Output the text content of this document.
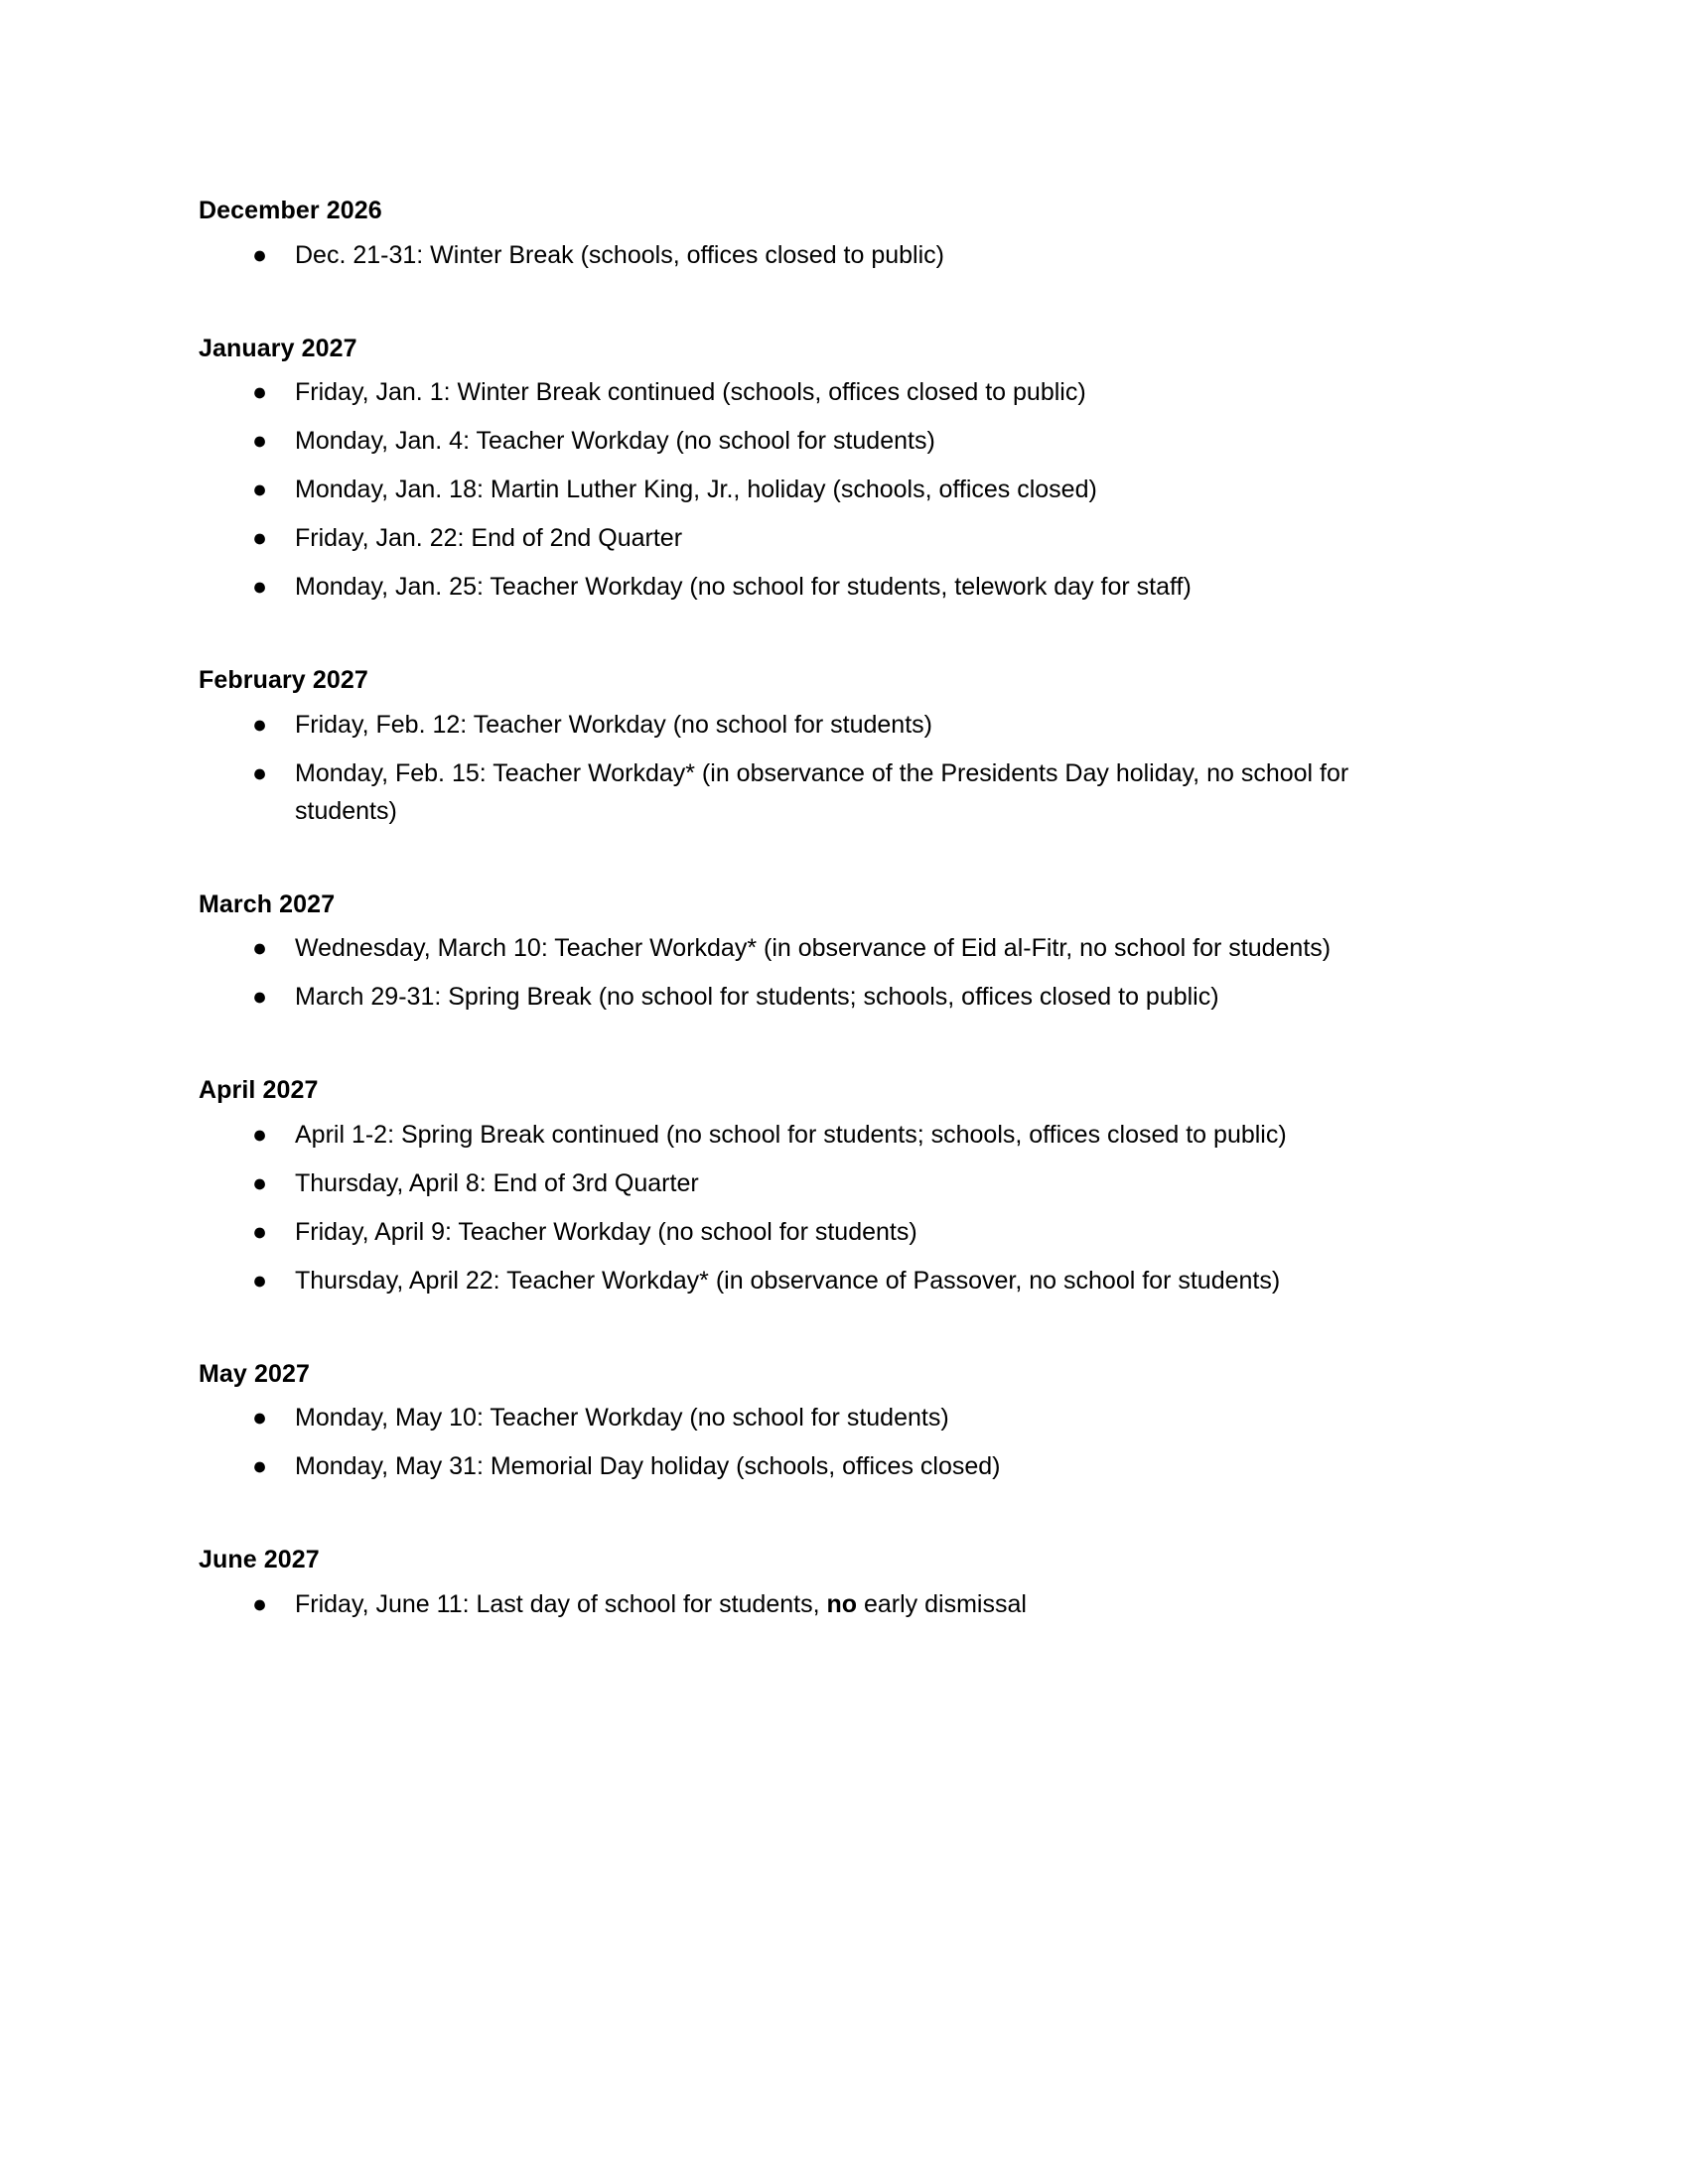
December 2026
● Dec. 21-31: Winter Break (schools, offices closed to public)
January 2027
● Friday, Jan. 1: Winter Break continued (schools, offices closed to public)
● Monday, Jan. 4: Teacher Workday (no school for students)
● Monday, Jan. 18: Martin Luther King, Jr., holiday (schools, offices closed)
● Friday, Jan. 22: End of 2nd Quarter
● Monday, Jan. 25: Teacher Workday (no school for students, telework day for staff)
February 2027
● Friday, Feb. 12: Teacher Workday (no school for students)
● Monday, Feb. 15: Teacher Workday* (in observance of the Presidents Day holiday, no school for students)
March 2027
● Wednesday, March 10: Teacher Workday* (in observance of Eid al-Fitr, no school for students)
● March 29-31: Spring Break (no school for students; schools, offices closed to public)
April 2027
● April 1-2: Spring Break continued (no school for students; schools, offices closed to public)
● Thursday, April 8: End of 3rd Quarter
● Friday, April 9: Teacher Workday (no school for students)
● Thursday, April 22: Teacher Workday* (in observance of Passover, no school for students)
May 2027
● Monday, May 10: Teacher Workday (no school for students)
● Monday, May 31: Memorial Day holiday (schools, offices closed)
June 2027
● Friday, June 11: Last day of school for students, no early dismissal
